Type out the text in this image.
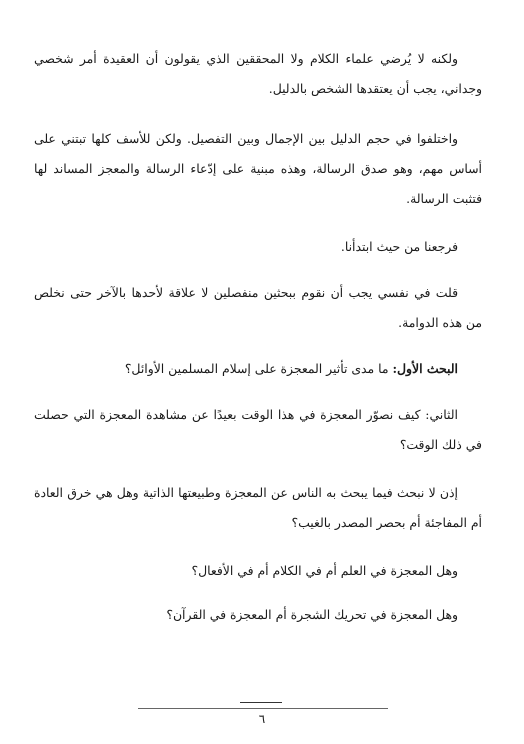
ولكنه لا يُرضي علماء الكلام ولا المحققين الذي يقولون أن العقيدة أمر شخصي وجداني، يجب أن يعتقدها الشخص بالدليل.

واختلفوا في حجم الدليل بين الإجمال وبين التفصيل. ولكن للأسف كلها تبتني على أساس مهم، وهو صدق الرسالة، وهذه مبنية على إدّعاء الرسالة والمعجز المساند لها فتثبت الرسالة.

فرجعنا من حيث ابتدأنا.

قلت في نفسي يجب أن نقوم ببحثين منفصلين لا علاقة لأحدها بالآخر حتى نخلص من هذه الدوامة.

البحث الأول: ما مدى تأثير المعجزة على إسلام المسلمين الأوائل؟

الثاني: كيف نصوّر المعجزة في هذا الوقت بعيدًا عن مشاهدة المعجزة التي حصلت في ذلك الوقت؟

إذن لا نبحث فيما يبحث به الناس عن المعجزة وطبيعتها الذاتية وهل هي خرق العادة أم المفاجئة أم بحصر المصدر بالغيب؟

وهل المعجزة في العلم أم في الكلام أم في الأفعال؟

وهل المعجزة في تحريك الشجرة أم المعجزة في القرآن؟

٦
